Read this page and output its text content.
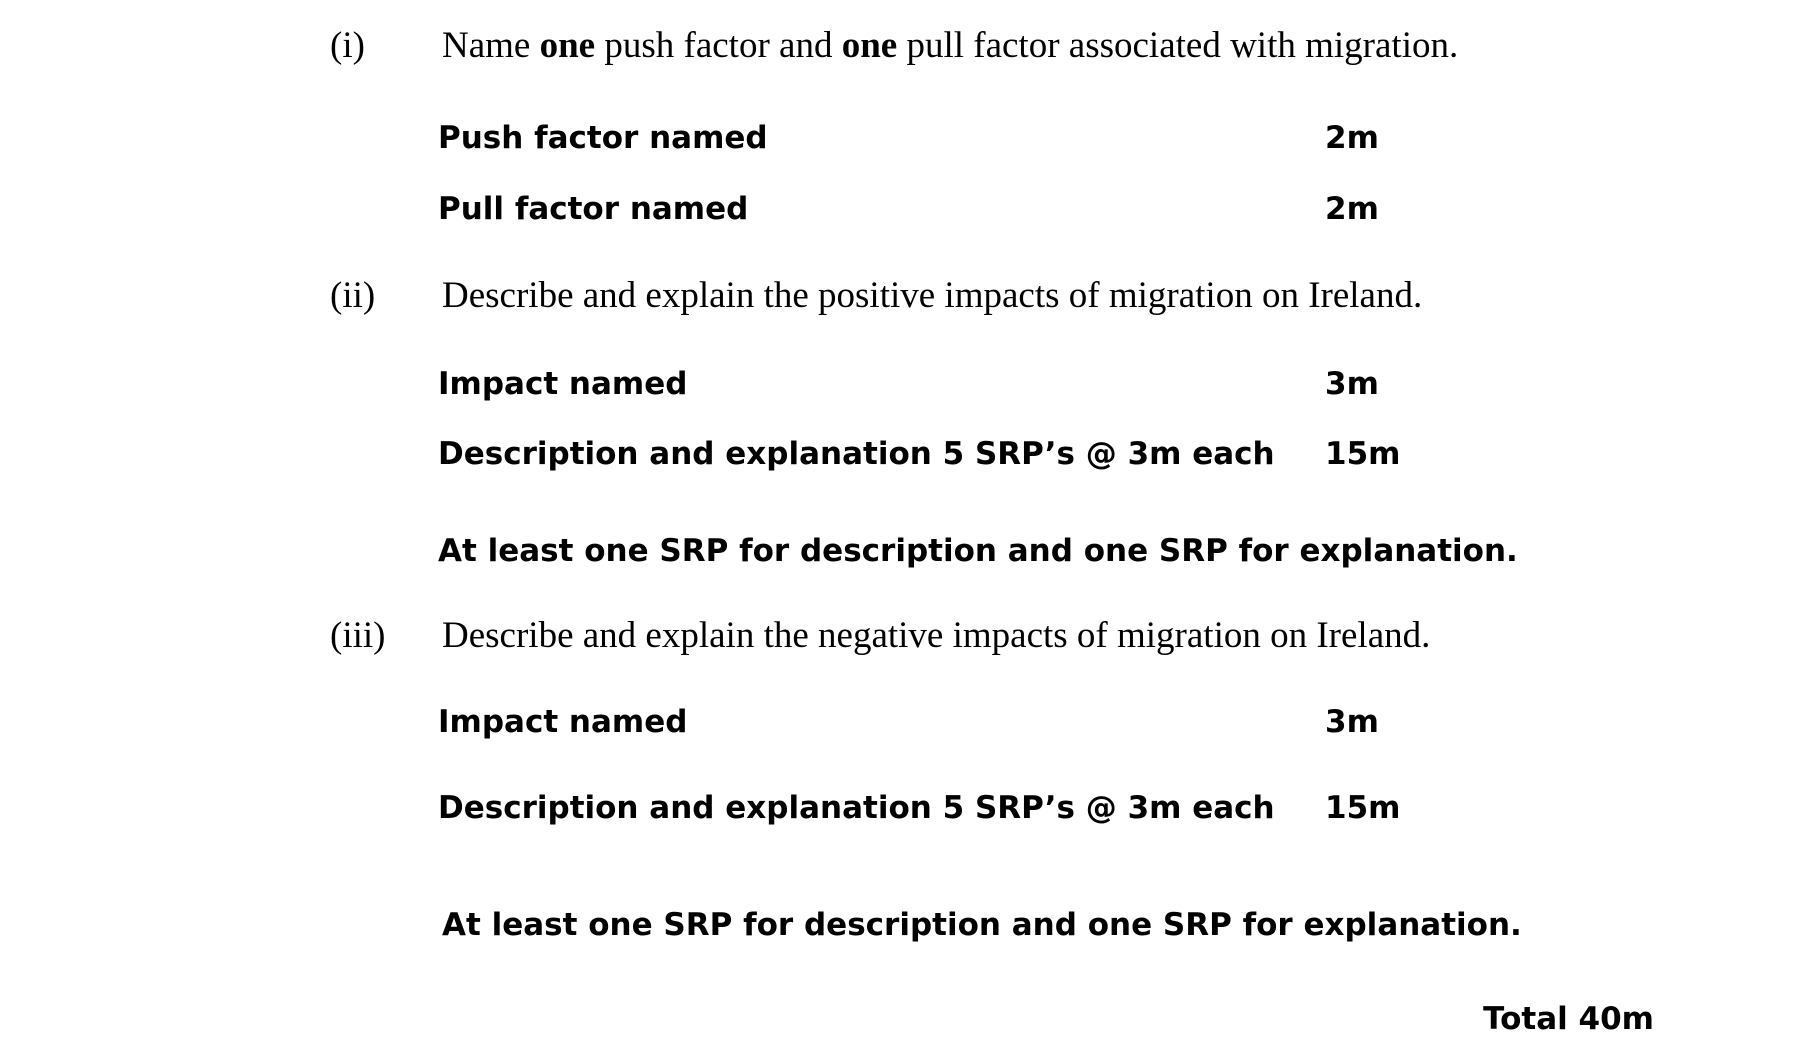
(i) Name one push factor and one pull factor associated with migration.
Push factor named	2m
Pull factor named	2m
(ii) Describe and explain the positive impacts of migration on Ireland.
Impact named	3m
Description and explanation 5 SRP’s @ 3m each 15m
At least one SRP for description and one SRP for explanation.
(iii) Describe and explain the negative impacts of migration on Ireland.
Impact named	3m
Description and explanation 5 SRP’s @ 3m each 15m
At least one SRP for description and one SRP for explanation.
Total 40m
